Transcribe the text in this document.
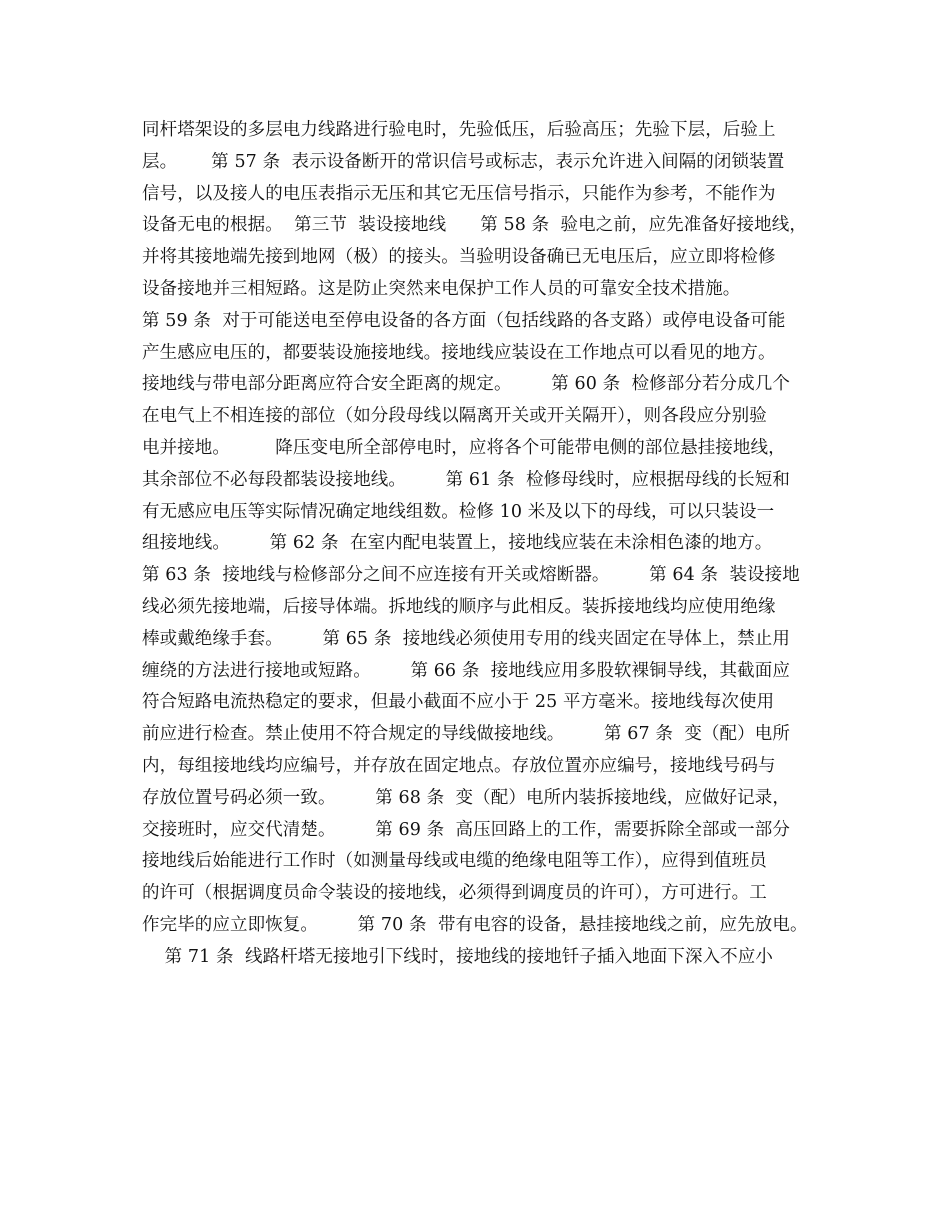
同杆塔架设的多层电力线路进行验电时，先验低压，后验高压；先验下层，后验上
层。      第 57 条  表示设备断开的常识信号或标志，表示允许进入间隔的闭锁装置
信号，以及接人的电压表指示无压和其它无压信号指示，只能作为参考，不能作为
设备无电的根据。  第三节  装设接地线      第 58 条  验电之前，应先准备好接地线，
并将其接地端先接到地网（极）的接头。当验明设备确已无电压后，应立即将检修
设备接地并三相短路。这是防止突然来电保护工作人员的可靠安全技术措施。
第 59 条  对于可能送电至停电设备的各方面（包括线路的各支路）或停电设备可能
产生感应电压的，都要装设施接地线。接地线应装设在工作地点可以看见的地方。
接地线与带电部分距离应符合安全距离的规定。       第 60 条  检修部分若分成几个
在电气上不相连接的部位（如分段母线以隔离开关或开关隔开），则各段应分别验
电并接地。        降压变电所全部停电时，应将各个可能带电侧的部位悬挂接地线，
其余部位不必每段都装设接地线。       第 61 条  检修母线时，应根据母线的长短和
有无感应电压等实际情况确定地线组数。检修 10 米及以下的母线，可以只装设一
组接地线。       第 62 条  在室内配电装置上，接地线应装在未涂相色漆的地方。
第 63 条  接地线与检修部分之间不应连接有开关或熔断器。       第 64 条  装设接地
线必须先接地端，后接导体端。拆地线的顺序与此相反。装拆接地线均应使用绝缘
棒或戴绝缘手套。       第 65 条  接地线必须使用专用的线夹固定在导体上，禁止用
缠绕的方法进行接地或短路。       第 66 条  接地线应用多股软裸铜导线，其截面应
符合短路电流热稳定的要求，但最小截面不应小于 25 平方毫米。接地线每次使用
前应进行检查。禁止使用不符合规定的导线做接地线。       第 67 条  变（配）电所
内，每组接地线均应编号，并存放在固定地点。存放位置亦应编号，接地线号码与
存放位置号码必须一致。       第 68 条  变（配）电所内装拆接地线，应做好记录，
交接班时，应交代清楚。       第 69 条  高压回路上的工作，需要拆除全部或一部分
接地线后始能进行工作时（如测量母线或电缆的绝缘电阻等工作），应得到值班员
的许可（根据调度员命令装设的接地线，必须得到调度员的许可），方可进行。工
作完毕的应立即恢复。       第 70 条  带有电容的设备，悬挂接地线之前，应先放电。
第 71 条  线路杆塔无接地引下线时，接地线的接地钎子插入地面下深入不应小
